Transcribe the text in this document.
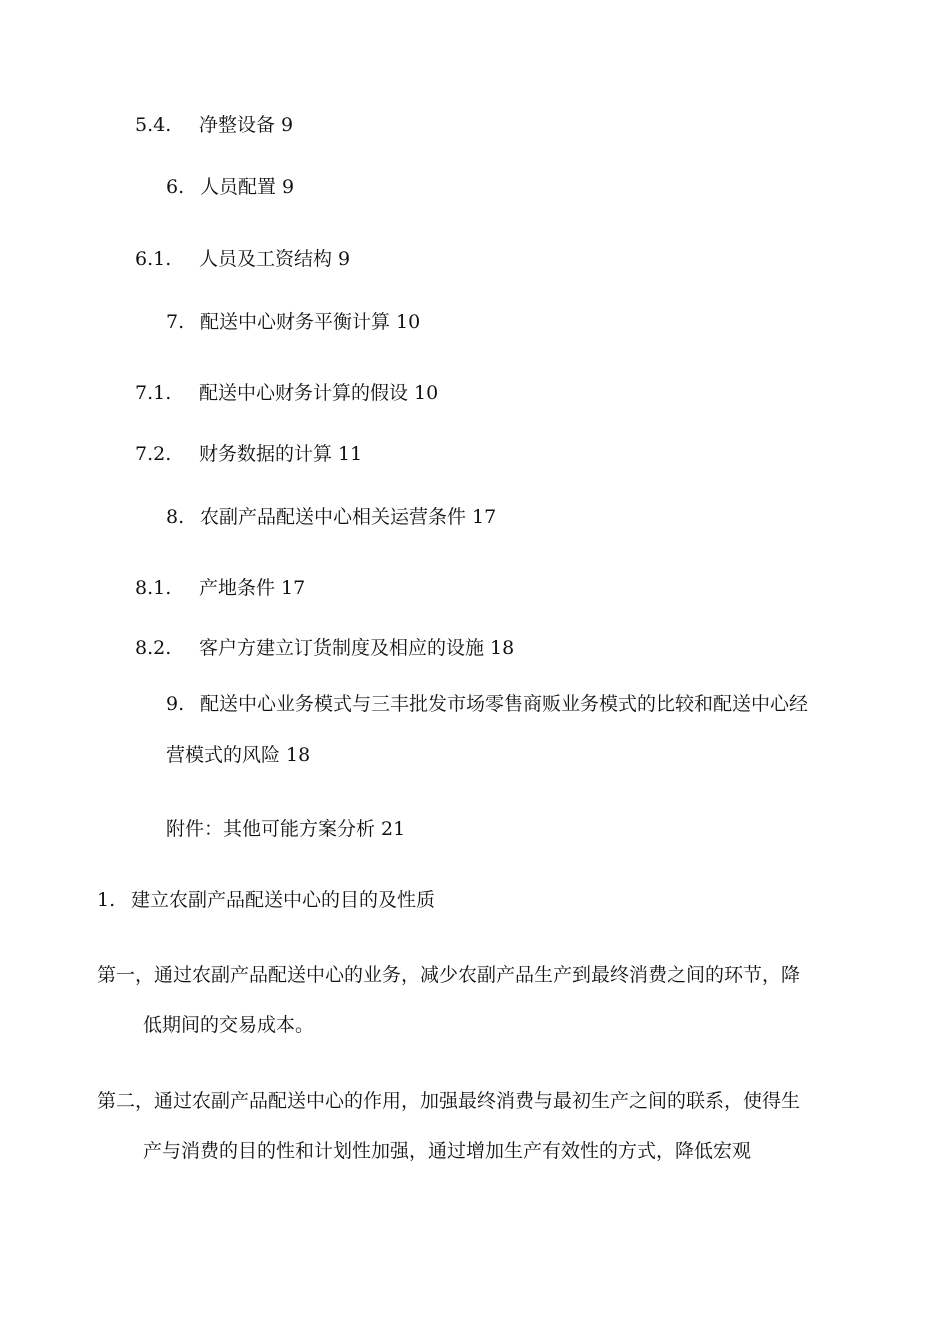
5.4. 净整设备 9
6. 人员配置 9
6.1. 人员及工资结构 9
7. 配送中心财务平衡计算 10
7.1. 配送中心财务计算的假设 10
7.2. 财务数据的计算 11
8. 农副产品配送中心相关运营条件 17
8.1. 产地条件 17
8.2. 客户方建立订货制度及相应的设施 18
9. 配送中心业务模式与三丰批发市场零售商贩业务模式的比较和配送中心经
营模式的风险 18
附件：其他可能方案分析 21
1. 建立农副产品配送中心的目的及性质
第一，通过农副产品配送中心的业务，减少农副产品生产到最终消费之间的环节，降
低期间的交易成本。
第二，通过农副产品配送中心的作用，加强最终消费与最初生产之间的联系，使得生
产与消费的目的性和计划性加强，通过增加生产有效性的方式，降低宏观
